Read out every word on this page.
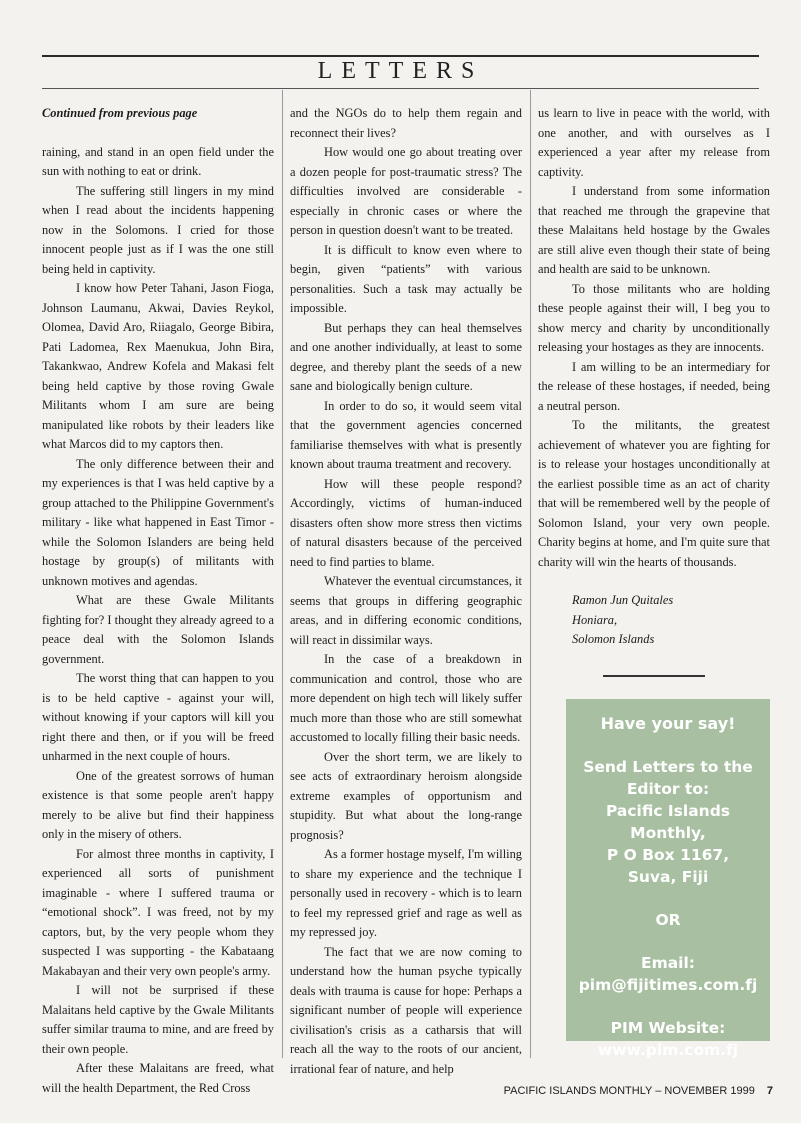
LETTERS
Continued from previous page

raining, and stand in an open field under the sun with nothing to eat or drink.

The suffering still lingers in my mind when I read about the incidents happening now in the Solomons. I cried for those innocent people just as if I was the one still being held in captivity.

I know how Peter Tahani, Jason Fioga, Johnson Laumanu, Akwai, Davies Reykol, Olomea, David Aro, Riiagalo, George Bibira, Pati Ladomea, Rex Maenukua, John Bira, Takankwao, Andrew Kofela and Makasi felt being held captive by those roving Gwale Militants whom I am sure are being manipulated like robots by their leaders like what Marcos did to my captors then.

The only difference between their and my experiences is that I was held captive by a group attached to the Philippine Government's military - like what happened in East Timor - while the Solomon Islanders are being held hostage by group(s) of militants with unknown motives and agendas.

What are these Gwale Militants fighting for? I thought they already agreed to a peace deal with the Solomon Islands government.

The worst thing that can happen to you is to be held captive - against your will, without knowing if your captors will kill you right there and then, or if you will be freed unharmed in the next couple of hours.

One of the greatest sorrows of human existence is that some people aren't happy merely to be alive but find their happiness only in the misery of others.

For almost three months in captivity, I experienced all sorts of punishment imaginable - where I suffered trauma or “emotional shock”. I was freed, not by my captors, but, by the very people whom they suspected I was supporting - the Kabataang Makabayan and their very own people's army.

I will not be surprised if these Malaitans held captive by the Gwale Militants suffer similar trauma to mine, and are freed by their own people.

After these Malaitans are freed, what will the health Department, the Red Cross

and the NGOs do to help them regain and reconnect their lives?

How would one go about treating over a dozen people for post-traumatic stress? The difficulties involved are considerable - especially in chronic cases or where the person in question doesn't want to be treated.

It is difficult to know even where to begin, given “patients” with various personalities. Such a task may actually be impossible.

But perhaps they can heal themselves and one another individually, at least to some degree, and thereby plant the seeds of a new sane and biologically benign culture.

In order to do so, it would seem vital that the government agencies concerned familiarise themselves with what is presently known about trauma treatment and recovery.

How will these people respond? Accordingly, victims of human-induced disasters often show more stress then victims of natural disasters because of the perceived need to find parties to blame.

Whatever the eventual circumstances, it seems that groups in differing geographic areas, and in differing economic conditions, will react in dissimilar ways.

In the case of a breakdown in communication and control, those who are more dependent on high tech will likely suffer much more than those who are still somewhat accustomed to locally filling their basic needs.

Over the short term, we are likely to see acts of extraordinary heroism alongside extreme examples of opportunism and stupidity. But what about the long-range prognosis?

As a former hostage myself, I'm willing to share my experience and the technique I personally used in recovery - which is to learn to feel my repressed grief and rage as well as my repressed joy.

The fact that we are now coming to understand how the human psyche typically deals with trauma is cause for hope: Perhaps a significant number of people will experience civilisation's crisis as a catharsis that will reach all the way to the roots of our ancient, irrational fear of nature, and help

us learn to live in peace with the world, with one another, and with ourselves as I experienced a year after my release from captivity.

I understand from some information that reached me through the grapevine that these Malaitans held hostage by the Gwales are still alive even though their state of being and health are said to be unknown.

To those militants who are holding these people against their will, I beg you to show mercy and charity by unconditionally releasing your hostages as they are innocents.

I am willing to be an intermediary for the release of these hostages, if needed, being a neutral person.

To the militants, the greatest achievement of whatever you are fighting for is to release your hostages unconditionally at the earliest possible time as an act of charity that will be remembered well by the people of Solomon Island, your very own people. Charity begins at home, and I'm quite sure that charity will win the hearts of thousands.

Ramon Jun Quitales

Honiara,

Solomon Islands

Have your say!
Send Letters to the
Editor to:
Pacific Islands Monthly,
P O Box 1167,
Suva, Fiji
OR
Email:
pim@fijitimes.com.fj
PIM Website:
www.pim.com.fj
PACIFIC ISLANDS MONTHLY – NOVEMBER 1999 7
